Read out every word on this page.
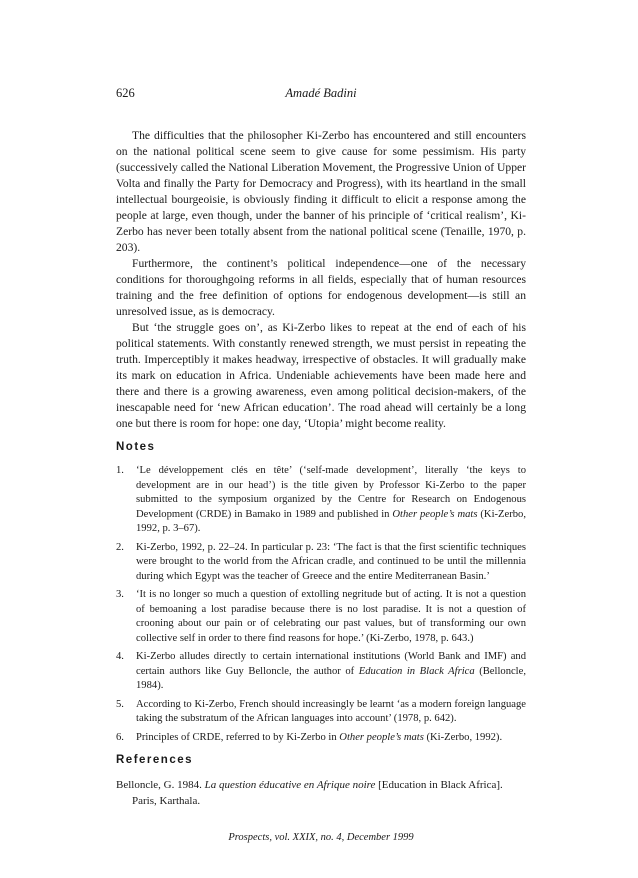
626	Amadé Badini

The difficulties that the philosopher Ki-Zerbo has encountered and still encounters on the national political scene seem to give cause for some pessimism. His party (successively called the National Liberation Movement, the Progressive Union of Upper Volta and finally the Party for Democracy and Progress), with its heartland in the small intellectual bourgeoisie, is obviously finding it difficult to elicit a response among the people at large, even though, under the banner of his principle of ‘critical realism’, Ki-Zerbo has never been totally absent from the national political scene (Tenaille, 1970, p. 203).

Furthermore, the continent’s political independence—one of the necessary conditions for thoroughgoing reforms in all fields, especially that of human resources training and the free definition of options for endogenous development—is still an unresolved issue, as is democracy.

But ‘the struggle goes on’, as Ki-Zerbo likes to repeat at the end of each of his political statements. With constantly renewed strength, we must persist in repeating the truth. Imperceptibly it makes headway, irrespective of obstacles. It will gradually make its mark on education in Africa. Undeniable achievements have been made here and there and there is a growing awareness, even among political decision-makers, of the inescapable need for ‘new African education’. The road ahead will certainly be a long one but there is room for hope: one day, ‘Utopia’ might become reality.

Notes
1.	‘Le développement clés en tête’ (‘self-made development’, literally ‘the keys to development are in our head’) is the title given by Professor Ki-Zerbo to the paper submitted to the symposium organized by the Centre for Research on Endogenous Development (CRDE) in Bamako in 1989 and published in Other people’s mats (Ki-Zerbo, 1992, p. 3–67).
2.	Ki-Zerbo, 1992, p. 22–24. In particular p. 23: ‘The fact is that the first scientific techniques were brought to the world from the African cradle, and continued to be until the millennia during which Egypt was the teacher of Greece and the entire Mediterranean Basin.’
3.	‘It is no longer so much a question of extolling negritude but of acting. It is not a question of bemoaning a lost paradise because there is no lost paradise. It is not a question of crooning about our pain or of celebrating our past values, but of transforming our own collective self in order to there find reasons for hope.’ (Ki-Zerbo, 1978, p. 643.)
4.	Ki-Zerbo alludes directly to certain international institutions (World Bank and IMF) and certain authors like Guy Belloncle, the author of Education in Black Africa (Belloncle, 1984).
5.	According to Ki-Zerbo, French should increasingly be learnt ‘as a modern foreign language taking the substratum of the African languages into account’ (1978, p. 642).
6.	Principles of CRDE, referred to by Ki-Zerbo in Other people’s mats (Ki-Zerbo, 1992).
References
Belloncle, G. 1984. La question éducative en Afrique noire [Education in Black Africa]. Paris, Karthala.
Prospects, vol. XXIX, no. 4, December 1999
